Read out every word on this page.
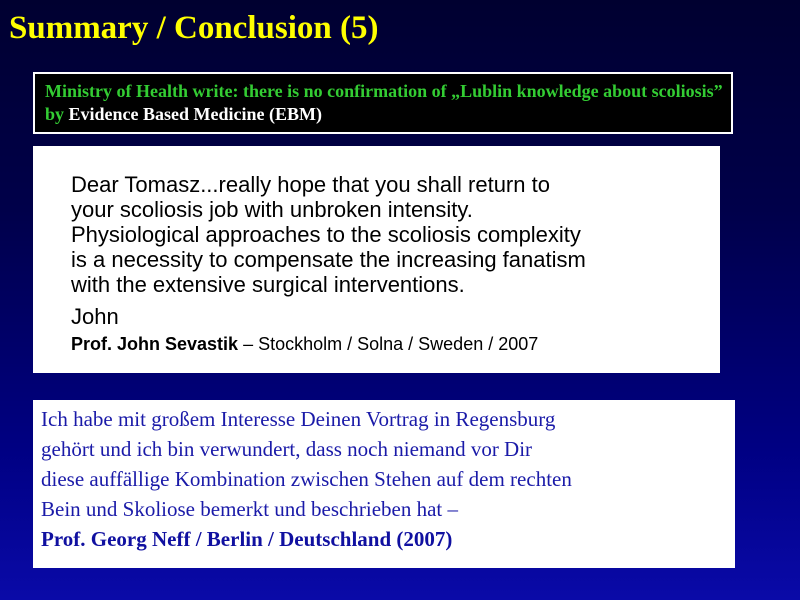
Summary / Conclusion (5)
Ministry of Health write: there is no confirmation of „Lublin knowledge about scoliosis” by Evidence Based Medicine (EBM)
Dear Tomasz...really hope that you shall return to
your scoliosis job with unbroken intensity.
Physiological approaches to the scoliosis complexity
is a necessity to compensate the increasing fanatism
with the extensive surgical interventions.
John
Prof. John Sevastik – Stockholm / Solna / Sweden / 2007
Ich habe mit großem Interesse Deinen Vortrag in Regensburg
gehört und ich bin verwundert, dass noch niemand vor Dir
diese auffällige Kombination zwischen Stehen auf dem rechten
Bein und Skoliose bemerkt und beschrieben hat –
Prof. Georg Neff / Berlin / Deutschland (2007)
